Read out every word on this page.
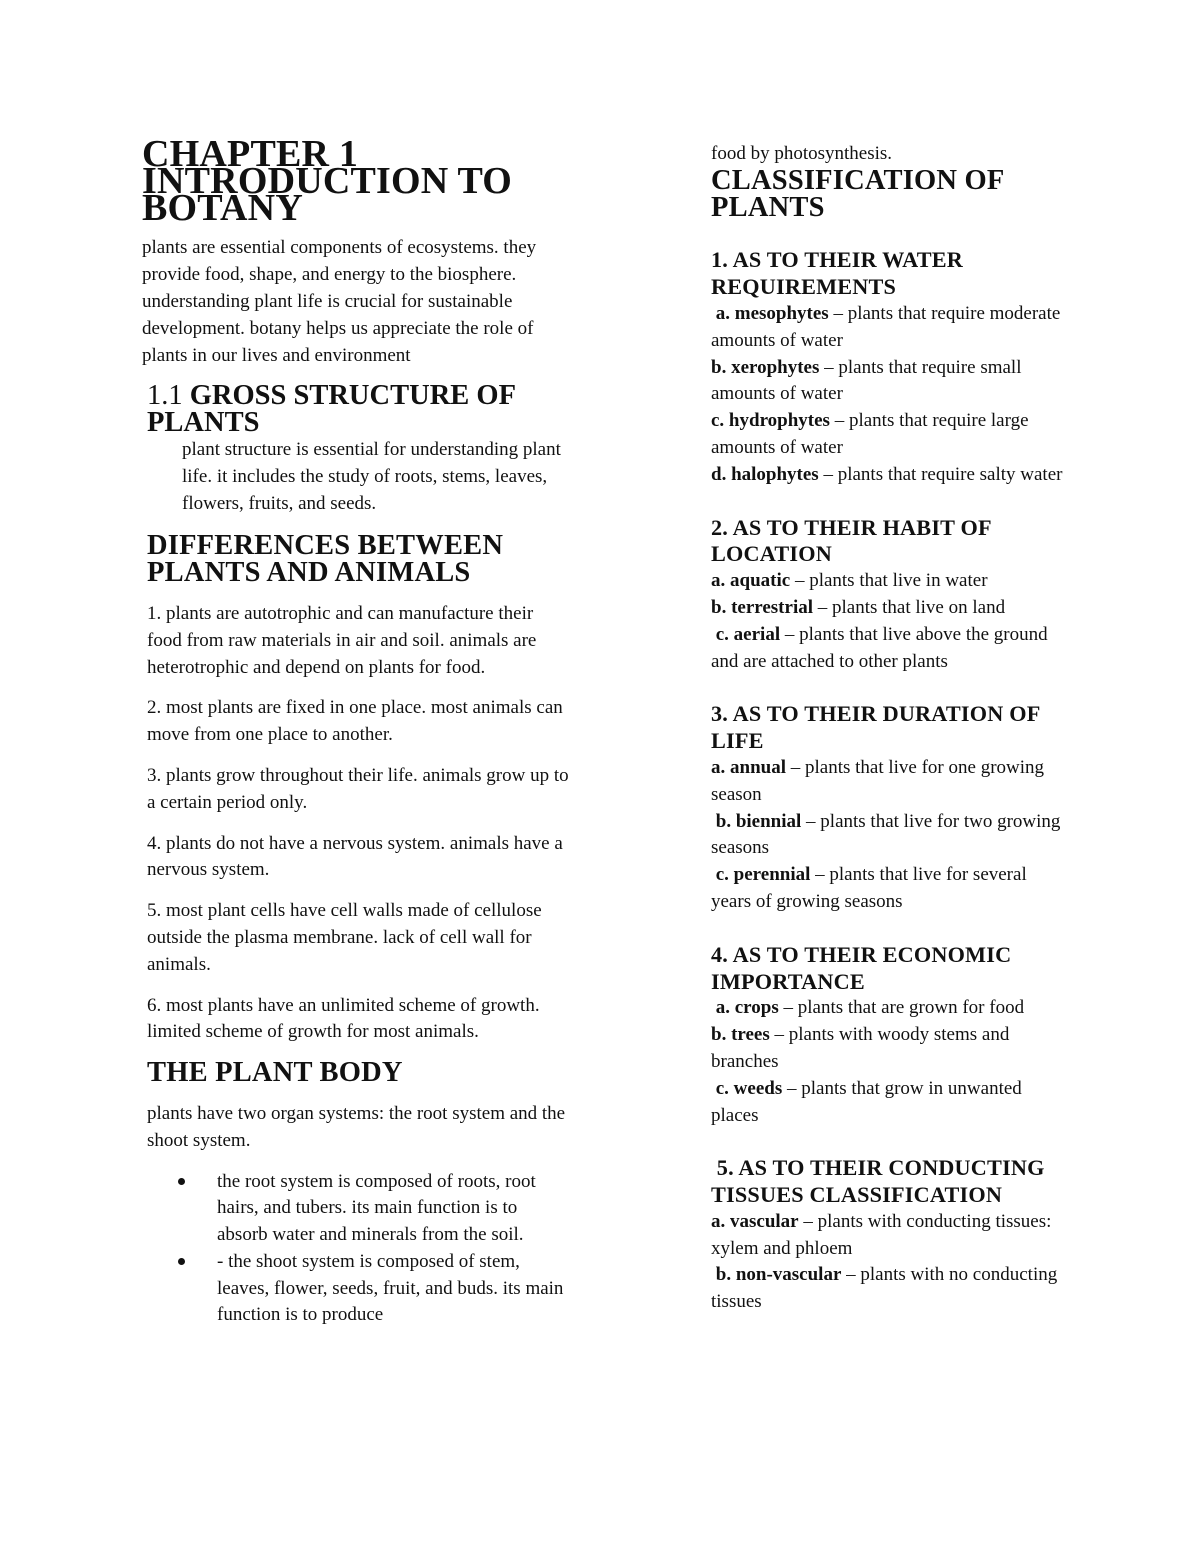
CHAPTER 1 INTRODUCTION TO BOTANY

plants are essential components of ecosystems. they provide food, shape, and energy to the biosphere. understanding plant life is crucial for sustainable development. botany helps us appreciate the role of plants in our lives and environment

1.1 GROSS STRUCTURE OF PLANTS

plant structure is essential for understanding plant life. it includes the study of roots, stems, leaves, flowers, fruits, and seeds.

DIFFERENCES BETWEEN PLANTS AND ANIMALS

1. plants are autotrophic and can manufacture their food from raw materials in air and soil. animals are heterotrophic and depend on plants for food.

2. most plants are fixed in one place. most animals can move from one place to another.

3. plants grow throughout their life. animals grow up to a certain period only.

4. plants do not have a nervous system. animals have a nervous system.

5. most plant cells have cell walls made of cellulose outside the plasma membrane. lack of cell wall for animals.

6. most plants have an unlimited scheme of growth. limited scheme of growth for most animals.

THE PLANT BODY

plants have two organ systems: the root system and the shoot system.

the root system is composed of roots, root hairs, and tubers. its main function is to absorb water and minerals from the soil.
- the shoot system is composed of stem, leaves, flower, seeds, fruit, and buds. its main function is to produce

food by photosynthesis.

CLASSIFICATION OF PLANTS
1. AS TO THEIR WATER REQUIREMENTS

a. mesophytes – plants that require moderate amounts of water

b. xerophytes – plants that require small amounts of water

c. hydrophytes – plants that require large amounts of water

d. halophytes – plants that require salty water

2. AS TO THEIR HABIT OF LOCATION

a. aquatic – plants that live in water

b. terrestrial – plants that live on land

c. aerial – plants that live above the ground and are attached to other plants

3. AS TO THEIR DURATION OF LIFE

a. annual – plants that live for one growing season

b. biennial – plants that live for two growing seasons

c. perennial – plants that live for several years of growing seasons

4. AS TO THEIR ECONOMIC IMPORTANCE

a. crops – plants that are grown for food

b. trees – plants with woody stems and branches

c. weeds – plants that grow in unwanted places

5. AS TO THEIR CONDUCTING TISSUES CLASSIFICATION

a. vascular – plants with conducting tissues: xylem and phloem

b. non-vascular – plants with no conducting tissues
